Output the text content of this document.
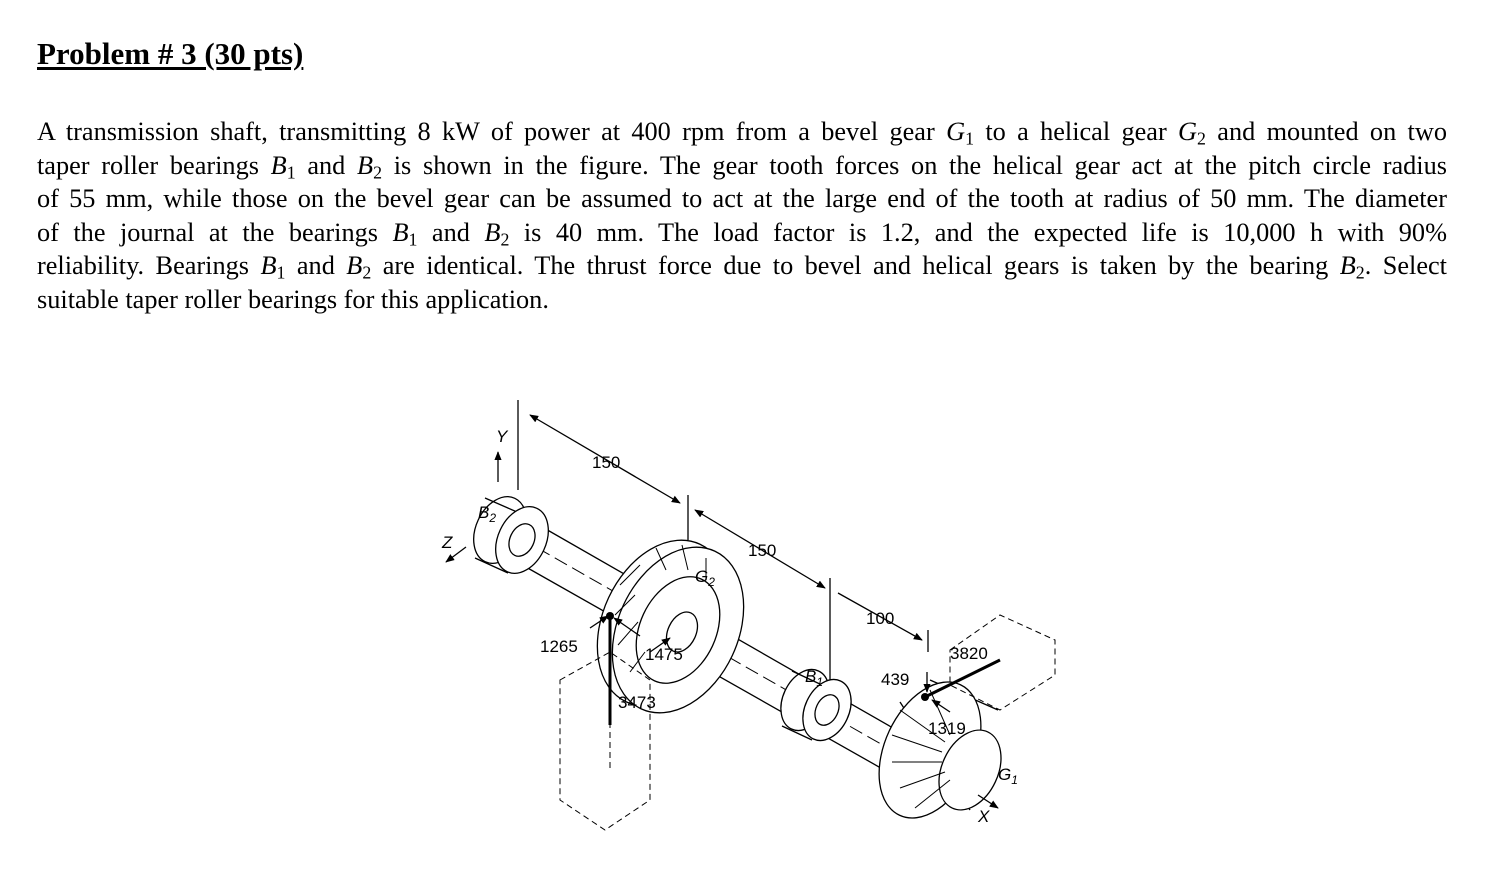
Problem # 3 (30 pts)
A transmission shaft, transmitting 8 kW of power at 400 rpm from a bevel gear $G_1$ to a helical gear $G_2$ and mounted on two
taper roller bearings $B_1$ and $B_2$ is shown in the figure. The gear tooth forces on the helical gear act at the pitch circle radius
of 55 mm, while those on the bevel gear can be assumed to act at the large end of the tooth at radius of 50 mm. The diameter
of the journal at the bearings $B_1$ and $B_2$ is 40 mm. The load factor is 1.2, and the expected life is 10,000 h with 90%
reliability. Bearings $B_1$ and $B_2$ are identical. The thrust force due to bevel and helical gears is taken by the bearing $B_2$. Select
suitable taper roller bearings for this application.
Y
Z
X
$B_2$
$B_1$
$G_2$
$G_1$
150
150
100
1265	1475
3473
439
3820
1319
